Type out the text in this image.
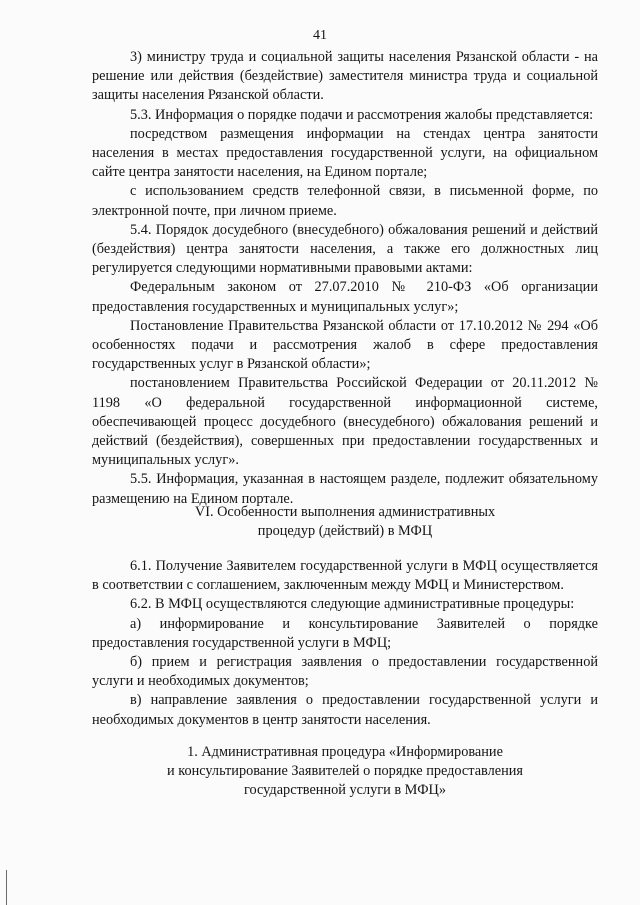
41

3) министру труда и социальной защиты населения Рязанской области - на решение или действия (бездействие) заместителя министра труда и социальной защиты населения Рязанской области.

5.3. Информация о порядке подачи и рассмотрения жалобы представляется:

посредством размещения информации на стендах центра занятости населения в местах предоставления государственной услуги, на официальном сайте центра занятости населения, на Едином портале;

с использованием средств телефонной связи, в письменной форме, по электронной почте, при личном приеме.

5.4. Порядок досудебного (внесудебного) обжалования решений и действий (бездействия) центра занятости населения, а также его должностных лиц регулируется следующими нормативными правовыми актами:

Федеральным законом от 27.07.2010 № 210-ФЗ «Об организации предоставления государственных и муниципальных услуг»;

Постановление Правительства Рязанской области от 17.10.2012 № 294 «Об особенностях подачи и рассмотрения жалоб в сфере предоставления государственных услуг в Рязанской области»;

постановлением Правительства Российской Федерации от 20.11.2012 № 1198 «О федеральной государственной информационной системе, обеспечивающей процесс досудебного (внесудебного) обжалования решений и действий (бездействия), совершенных при предоставлении государственных и муниципальных услуг».

5.5. Информация, указанная в настоящем разделе, подлежит обязательному размещению на Едином портале.

VI. Особенности выполнения административных

процедур (действий) в МФЦ

6.1. Получение Заявителем государственной услуги в МФЦ осуществляется в соответствии с соглашением, заключенным между МФЦ и Министерством.

6.2. В МФЦ осуществляются следующие административные процедуры:

а) информирование и консультирование Заявителей о порядке предоставления государственной услуги в МФЦ;

б) прием и регистрация заявления о предоставлении государственной услуги и необходимых документов;

в) направление заявления о предоставлении государственной услуги и необходимых документов в центр занятости населения.

1. Административная процедура «Информирование

и консультирование Заявителей о порядке предоставления

государственной услуги в МФЦ»
